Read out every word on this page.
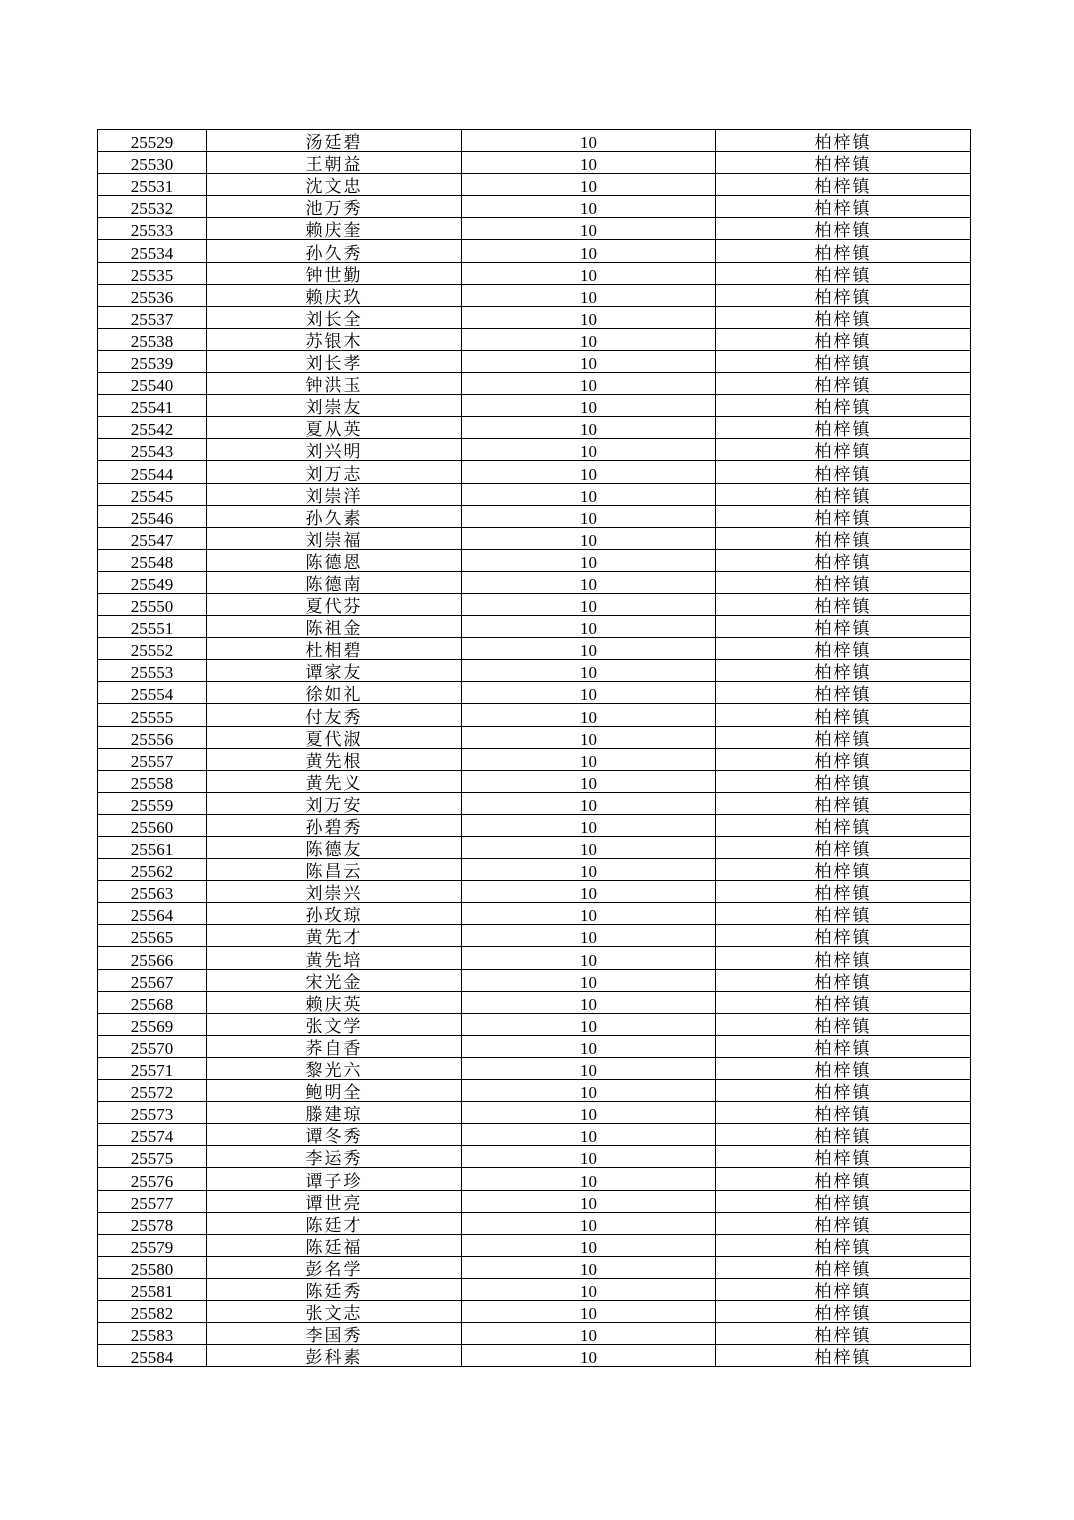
25529	汤廷碧	10	柏梓镇
25530	王朝益	10	柏梓镇
25531	沈文忠	10	柏梓镇
25532	池万秀	10	柏梓镇
25533	赖庆奎	10	柏梓镇
25534	孙久秀	10	柏梓镇
25535	钟世勤	10	柏梓镇
25536	赖庆玖	10	柏梓镇
25537	刘长全	10	柏梓镇
25538	苏银木	10	柏梓镇
25539	刘长孝	10	柏梓镇
25540	钟洪玉	10	柏梓镇
25541	刘崇友	10	柏梓镇
25542	夏从英	10	柏梓镇
25543	刘兴明	10	柏梓镇
25544	刘万志	10	柏梓镇
25545	刘崇洋	10	柏梓镇
25546	孙久素	10	柏梓镇
25547	刘崇福	10	柏梓镇
25548	陈德恩	10	柏梓镇
25549	陈德南	10	柏梓镇
25550	夏代芬	10	柏梓镇
25551	陈祖金	10	柏梓镇
25552	杜相碧	10	柏梓镇
25553	谭家友	10	柏梓镇
25554	徐如礼	10	柏梓镇
25555	付友秀	10	柏梓镇
25556	夏代淑	10	柏梓镇
25557	黄先根	10	柏梓镇
25558	黄先义	10	柏梓镇
25559	刘万安	10	柏梓镇
25560	孙碧秀	10	柏梓镇
25561	陈德友	10	柏梓镇
25562	陈昌云	10	柏梓镇
25563	刘崇兴	10	柏梓镇
25564	孙玫琼	10	柏梓镇
25565	黄先才	10	柏梓镇
25566	黄先培	10	柏梓镇
25567	宋光金	10	柏梓镇
25568	赖庆英	10	柏梓镇
25569	张文学	10	柏梓镇
25570	荞自香	10	柏梓镇
25571	黎光六	10	柏梓镇
25572	鲍明全	10	柏梓镇
25573	滕建琼	10	柏梓镇
25574	谭冬秀	10	柏梓镇
25575	李运秀	10	柏梓镇
25576	谭子珍	10	柏梓镇
25577	谭世亮	10	柏梓镇
25578	陈廷才	10	柏梓镇
25579	陈廷福	10	柏梓镇
25580	彭名学	10	柏梓镇
25581	陈廷秀	10	柏梓镇
25582	张文志	10	柏梓镇
25583	李国秀	10	柏梓镇
25584	彭科素	10	柏梓镇
